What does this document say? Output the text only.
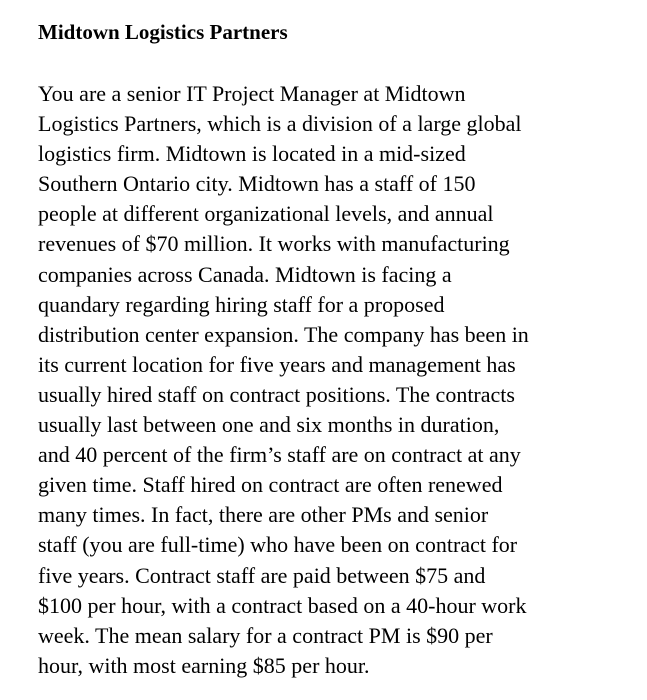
Midtown Logistics Partners

You are a senior IT Project Manager at Midtown
Logistics Partners, which is a division of a large global
logistics firm. Midtown is located in a mid-sized
Southern Ontario city. Midtown has a staff of 150
people at different organizational levels, and annual
revenues of $70 million. It works with manufacturing
companies across Canada. Midtown is facing a
quandary regarding hiring staff for a proposed
distribution center expansion. The company has been in
its current location for five years and management has
usually hired staff on contract positions. The contracts
usually last between one and six months in duration,
and 40 percent of the firm’s staff are on contract at any
given time. Staff hired on contract are often renewed
many times. In fact, there are other PMs and senior
staff (you are full-time) who have been on contract for
five years. Contract staff are paid between $75 and
$100 per hour, with a contract based on a 40-hour work
week. The mean salary for a contract PM is $90 per
hour, with most earning $85 per hour.
